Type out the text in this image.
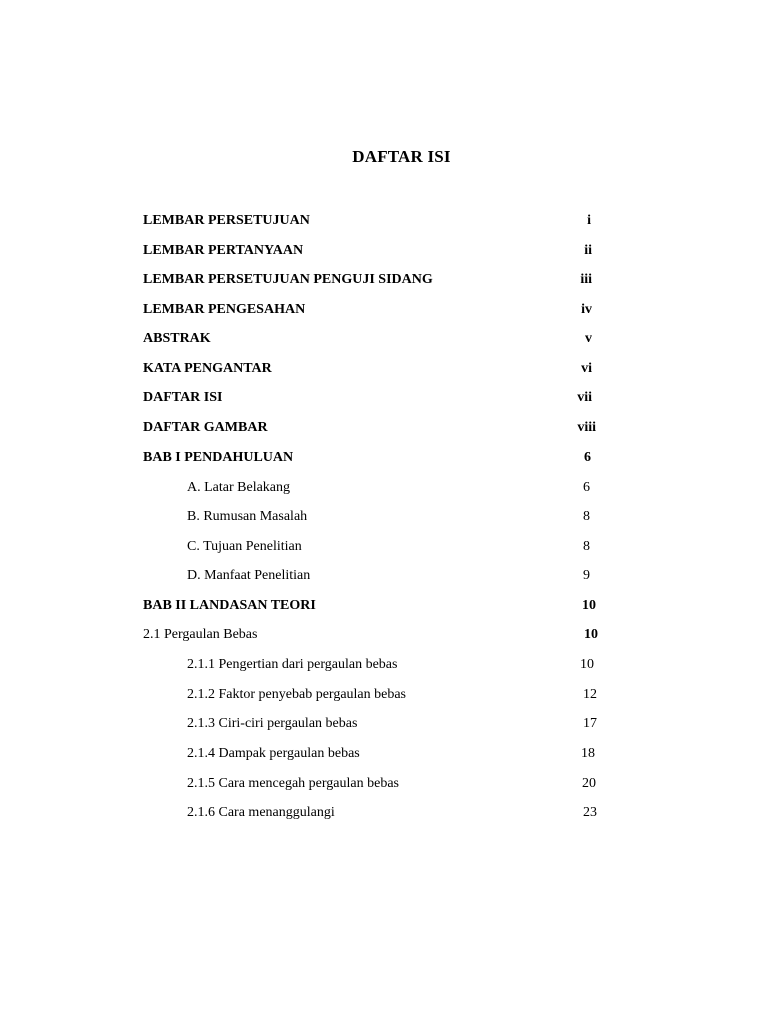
DAFTAR ISI
LEMBAR PERSETUJUAN	i
LEMBAR PERTANYAAN	ii
LEMBAR PERSETUJUAN PENGUJI SIDANG	iii
LEMBAR PENGESAHAN	iv
ABSTRAK	v
KATA PENGANTAR	vi
DAFTAR ISI	vii
DAFTAR GAMBAR	viii
BAB I PENDAHULUAN	6
A. Latar Belakang	6
B. Rumusan Masalah	8
C. Tujuan Penelitian	8
D. Manfaat Penelitian	9
BAB II LANDASAN TEORI	10
2.1 Pergaulan Bebas	10
2.1.1 Pengertian dari pergaulan bebas	10
2.1.2 Faktor penyebab pergaulan bebas	12
2.1.3 Ciri-ciri pergaulan bebas	17
2.1.4 Dampak pergaulan bebas	18
2.1.5 Cara mencegah pergaulan bebas	20
2.1.6 Cara menanggulangi	23
